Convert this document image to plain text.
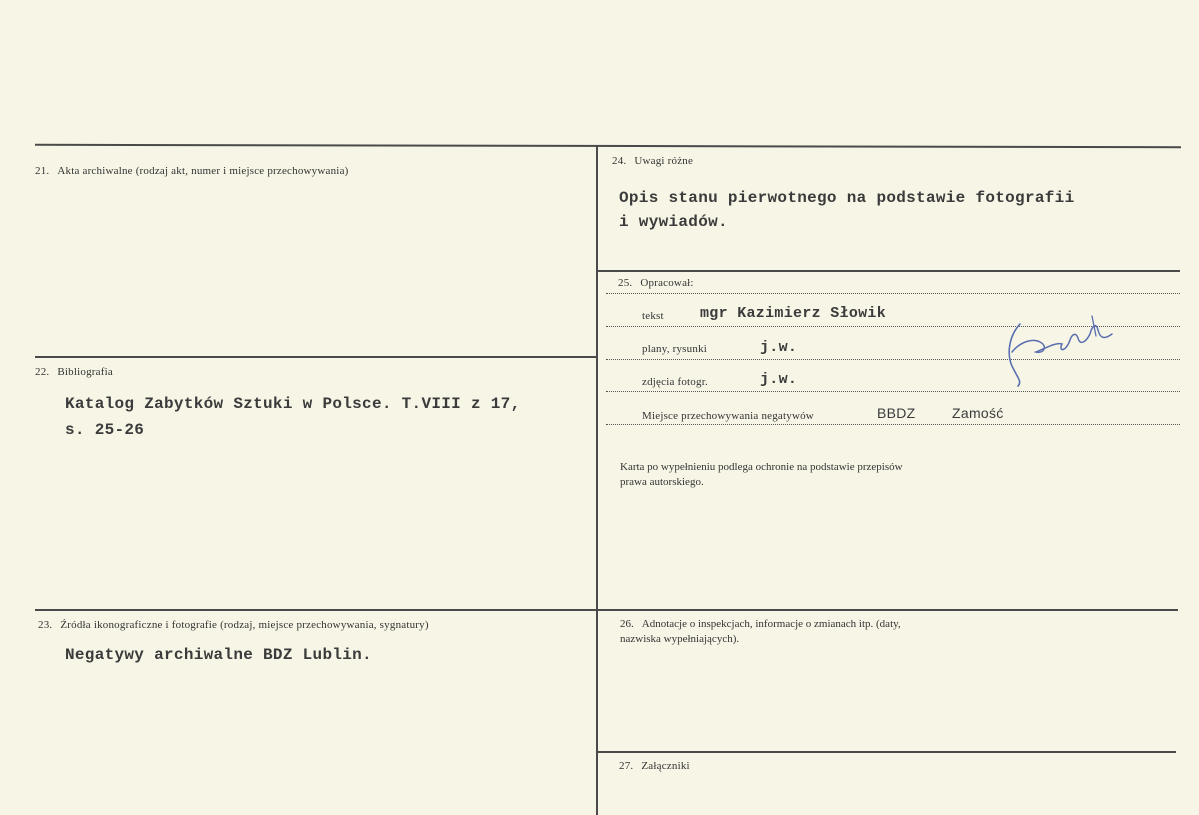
21. Akta archiwalne (rodzaj akt, numer i miejsce przechowywania)
22. Bibliografia
Katalog Zabytków Sztuki w Polsce. T.VIII z 17,
s. 25-26
23. Źródła ikonograficzne i fotografie (rodzaj, miejsce przechowywania, sygnatury)
Negatywy archiwalne BDZ Lublin.
24. Uwagi różne
Opis stanu pierwotnego na podstawie fotografii
i wywiadów.
25. Opracował:
tekst mgr Kazimierz Słowik
plany, rysunki	j.w.
zdjęcia fotogr.	j.w.
Miejsce przechowywania negatywów	BBDZ	Zamość
Karta po wypełnieniu podlega ochronie na podstawie przepisów
prawa autorskiego.
26. Adnotacje o inspekcjach, informacje o zmianach itp. (daty,
nazwiska wypełniających).
27. Załączniki
